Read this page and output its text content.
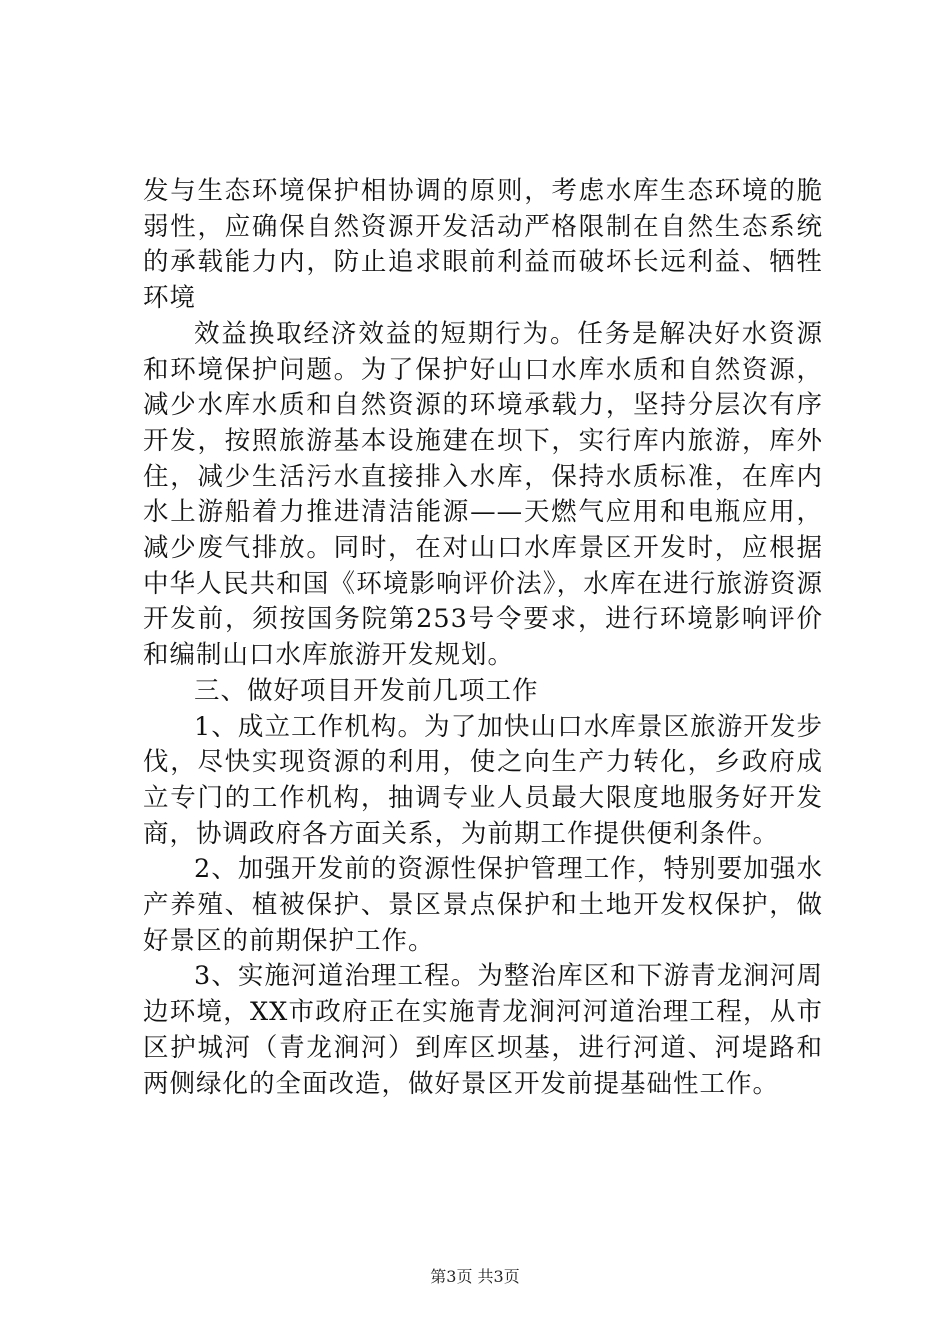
发与生态环境保护相协调的原则，考虑水库生态环境的脆弱性，应确保自然资源开发活动严格限制在自然生态系统的承载能力内，防止追求眼前利益而破坏长远利益、牺牲环境

效益换取经济效益的短期行为。任务是解决好水资源和环境保护问题。为了保护好山口水库水质和自然资源，减少水库水质和自然资源的环境承载力，坚持分层次有序开发，按照旅游基本设施建在坝下，实行库内旅游，库外住，减少生活污水直接排入水库，保持水质标准，在库内水上游船着力推进清洁能源——天燃气应用和电瓶应用，减少废气排放。同时，在对山口水库景区开发时，应根据中华人民共和国《环境影响评价法》，水库在进行旅游资源开发前，须按国务院第253号令要求，进行环境影响评价和编制山口水库旅游开发规划。

三、做好项目开发前几项工作

1、成立工作机构。为了加快山口水库景区旅游开发步伐，尽快实现资源的利用，使之向生产力转化，乡政府成立专门的工作机构，抽调专业人员最大限度地服务好开发商，协调政府各方面关系，为前期工作提供便利条件。

2、加强开发前的资源性保护管理工作，特别要加强水产养殖、植被保护、景区景点保护和土地开发权保护，做好景区的前期保护工作。

3、实施河道治理工程。为整治库区和下游青龙涧河周边环境，XX市政府正在实施青龙涧河河道治理工程，从市区护城河（青龙涧河）到库区坝基，进行河道、河堤路和两侧绿化的全面改造，做好景区开发前提基础性工作。

第3页 共3页
